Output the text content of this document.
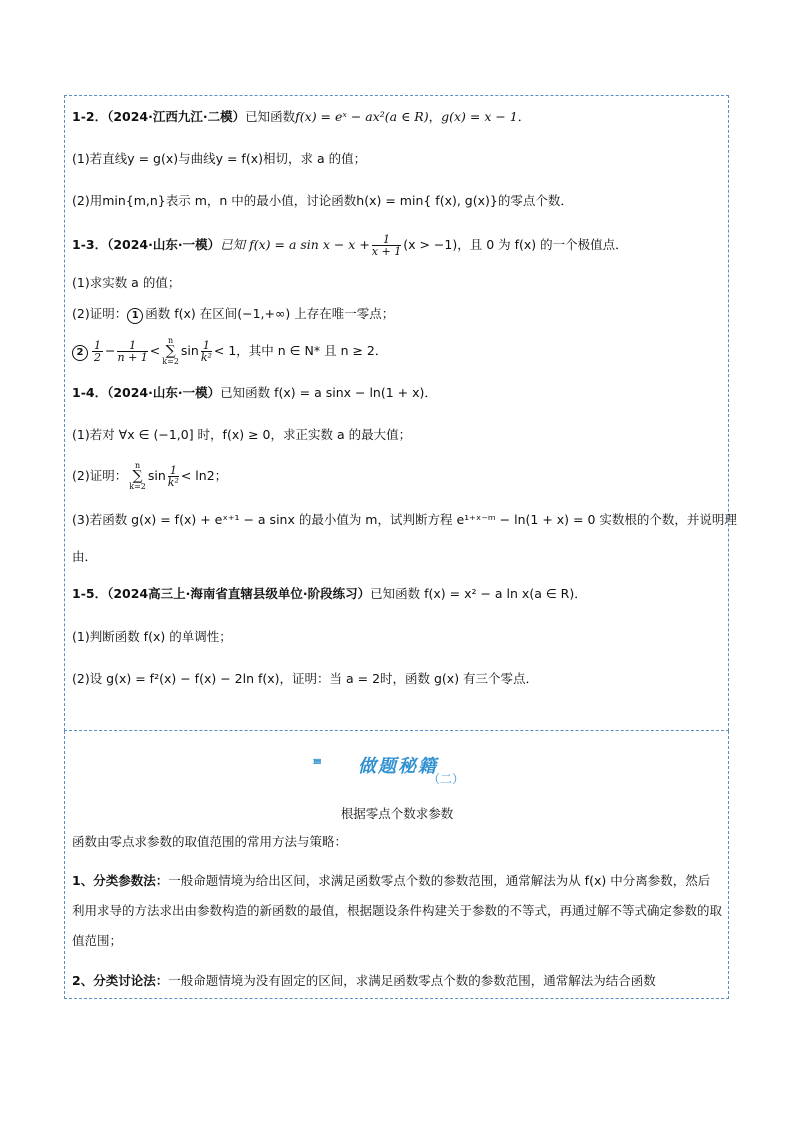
1-2．（2024·江西九江·二模）已知函数f(x) = eˣ − ax²(a ∈ R)，g(x) = x − 1．
(1)若直线y = g(x)与曲线y = f(x)相切，求 a 的值；
(2)用min{m,n}表示 m，n 中的最小值，讨论函数h(x) = min{ f(x), g(x)}的零点个数．
1-3．（2024·山东·一模）已知 f(x) = a $\sin x - x + \frac{1}{x + 1} (x > -1)$，且 0 为 f(x) 的一个极值点．
(1)求实数 a 的值；
(2)证明： 1 函数 f(x) 在区间(−1,+∞) 上存在唯一零点；
$2 \frac{1}{2} - \frac{1}{n + 1}$ <
n
∑
k=2
$\sin \frac{1}{\text{k²}} < 1$，其中 n ∈ N* 且 n ≥ 2．
1-4．（2024·山东·一模）已知函数 f(x) = a sinx − ln(1 + x)．
(1)若对 ∀x ∈ (−1,0] 时，f(x) ≥ 0，求正实数 a 的最大值；
(2)证明：
n
∑
k=2
$\sin \frac{1}{\text{k²}} < \ln 2$；
(3)若函数 g(x) = f(x) + eˣ⁺¹ − a sinx 的最小值为 m，试判断方程 e¹⁺ˣ⁻ᵐ − ln(1 + x) = 0 实数根的个数，并说明理
由．
1-5．（2024高三上·海南省直辖县级单位·阶段练习）已知函数 f(x) = x² − a ln x(a ∈ R)．
(1)判断函数 f(x) 的单调性；
(2)设 g(x) = f²(x) − f(x) − 2ln f(x)，证明：当 a = 2时，函数 g(x) 有三个零点．
做题秘籍
（二）
根据零点个数求参数
函数由零点求参数的取值范围的常用方法与策略：
1、分类参数法：一般命题情境为给出区间，求满足函数零点个数的参数范围，通常解法为从 f(x) 中分离参数，然后利用求导的方法求出由参数构造的新函数的最值，根据题设条件构建关于参数的不等式，再通过解不等式确定参数的取值范围；
2、分类讨论法：一般命题情境为没有固定的区间，求满足函数零点个数的参数范围，通常解法为结合函数
